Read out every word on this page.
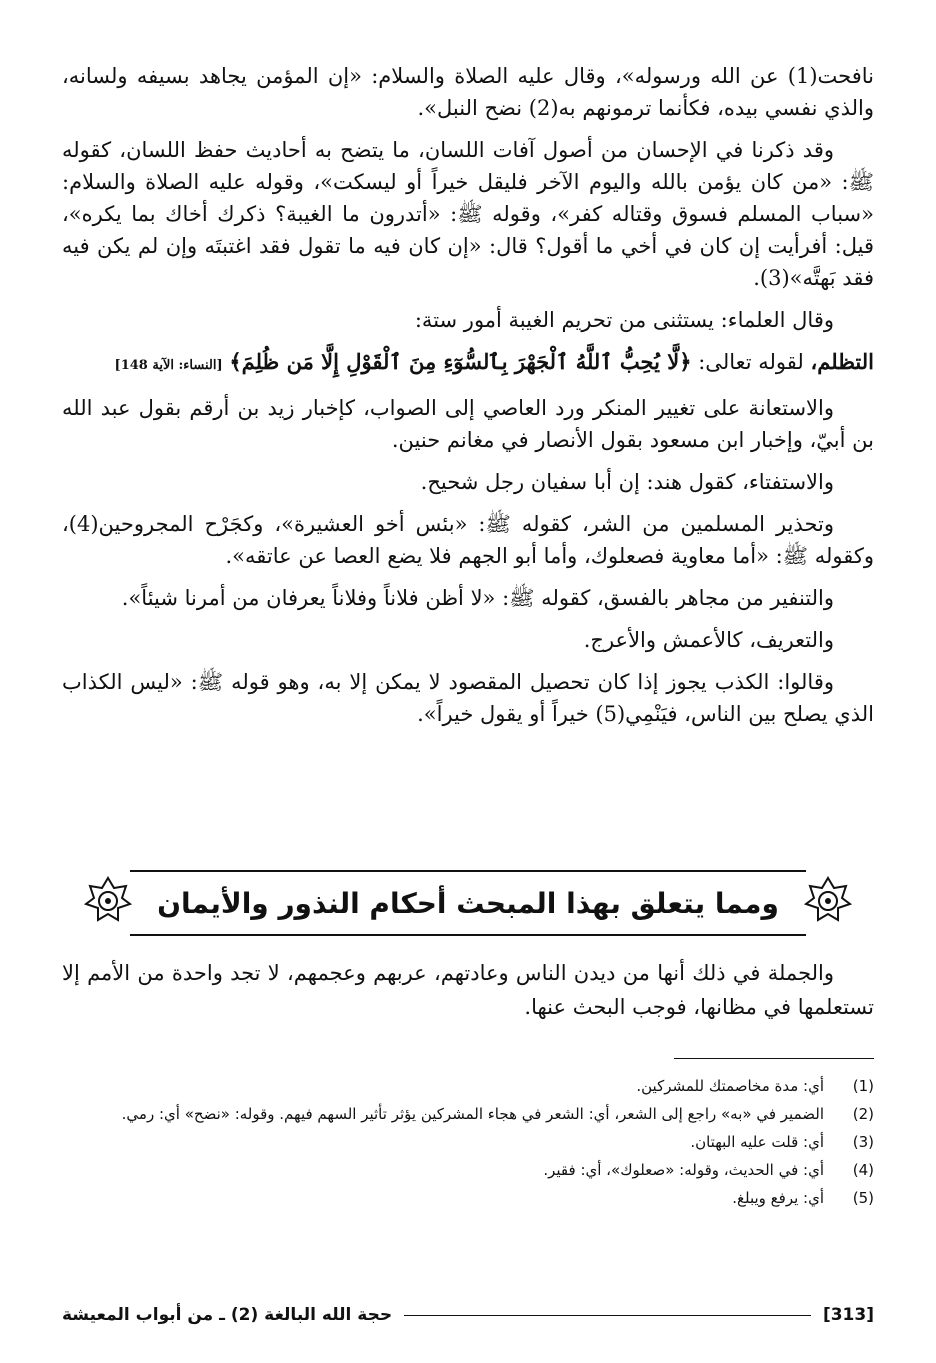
نافحت(1) عن الله ورسوله»، وقال عليه الصلاة والسلام: «إن المؤمن يجاهد بسيفه ولسانه، والذي نفسي بيده، فكأنما ترمونهم به(2) نضح النبل».

وقد ذكرنا في الإحسان من أصول آفات اللسان، ما يتضح به أحاديث حفظ اللسان، كقوله ﷺ: «من كان يؤمن بالله واليوم الآخر فليقل خيراً أو ليسكت»، وقوله عليه الصلاة والسلام: «سباب المسلم فسوق وقتاله كفر»، وقوله ﷺ: «أتدرون ما الغيبة؟ ذكرك أخاك بما يكره»، قيل: أفرأيت إن كان في أخي ما أقول؟ قال: «إن كان فيه ما تقول فقد اغتبتَه وإن لم يكن فيه فقد بَهتَّه»(3).

وقال العلماء: يستثنى من تحريم الغيبة أمور ستة:

التظلم، لقوله تعالى: ﴿لَّا يُحِبُّ ٱللَّهُ ٱلْجَهْرَ بِٱلسُّوٓءِ مِنَ ٱلْقَوْلِ إِلَّا مَن ظُلِمَ﴾ [النساء: الآية 148]

والاستعانة على تغيير المنكر ورد العاصي إلى الصواب، كإخبار زيد بن أرقم بقول عبد الله بن أبيّ، وإخبار ابن مسعود بقول الأنصار في مغانم حنين.

والاستفتاء، كقول هند: إن أبا سفيان رجل شحيح.

وتحذير المسلمين من الشر، كقوله ﷺ: «بئس أخو العشيرة»، وكجَرْح المجروحين(4)، وكقوله ﷺ: «أما معاوية فصعلوك، وأما أبو الجهم فلا يضع العصا عن عاتقه».

والتنفير من مجاهر بالفسق، كقوله ﷺ: «لا أظن فلاناً وفلاناً يعرفان من أمرنا شيئاً».

والتعريف، كالأعمش والأعرج.

وقالوا: الكذب يجوز إذا كان تحصيل المقصود لا يمكن إلا به، وهو قوله ﷺ: «ليس الكذاب الذي يصلح بين الناس، فيَنْمِي(5) خيراً أو يقول خيراً».

ومما يتعلق بهذا المبحث أحكام النذور والأيمان

والجملة في ذلك أنها من ديدن الناس وعادتهم، عربهم وعجمهم، لا تجد واحدة من الأمم إلا تستعلمها في مظانها، فوجب البحث عنها.

(1)
أي: مدة مخاصمتك للمشركين.
(2)
الضمير في «به» راجع إلى الشعر، أي: الشعر في هجاء المشركين يؤثر تأثير السهم فيهم. وقوله: «نضح» أي: رمي.
(3)
أي: قلت عليه البهتان.
(4)
أي: في الحديث، وقوله: «صعلوك»، أي: فقير.
(5)
أي: يرفع ويبلغ.
[313]
حجة الله البالغة (2) ـ من أبواب المعيشة
